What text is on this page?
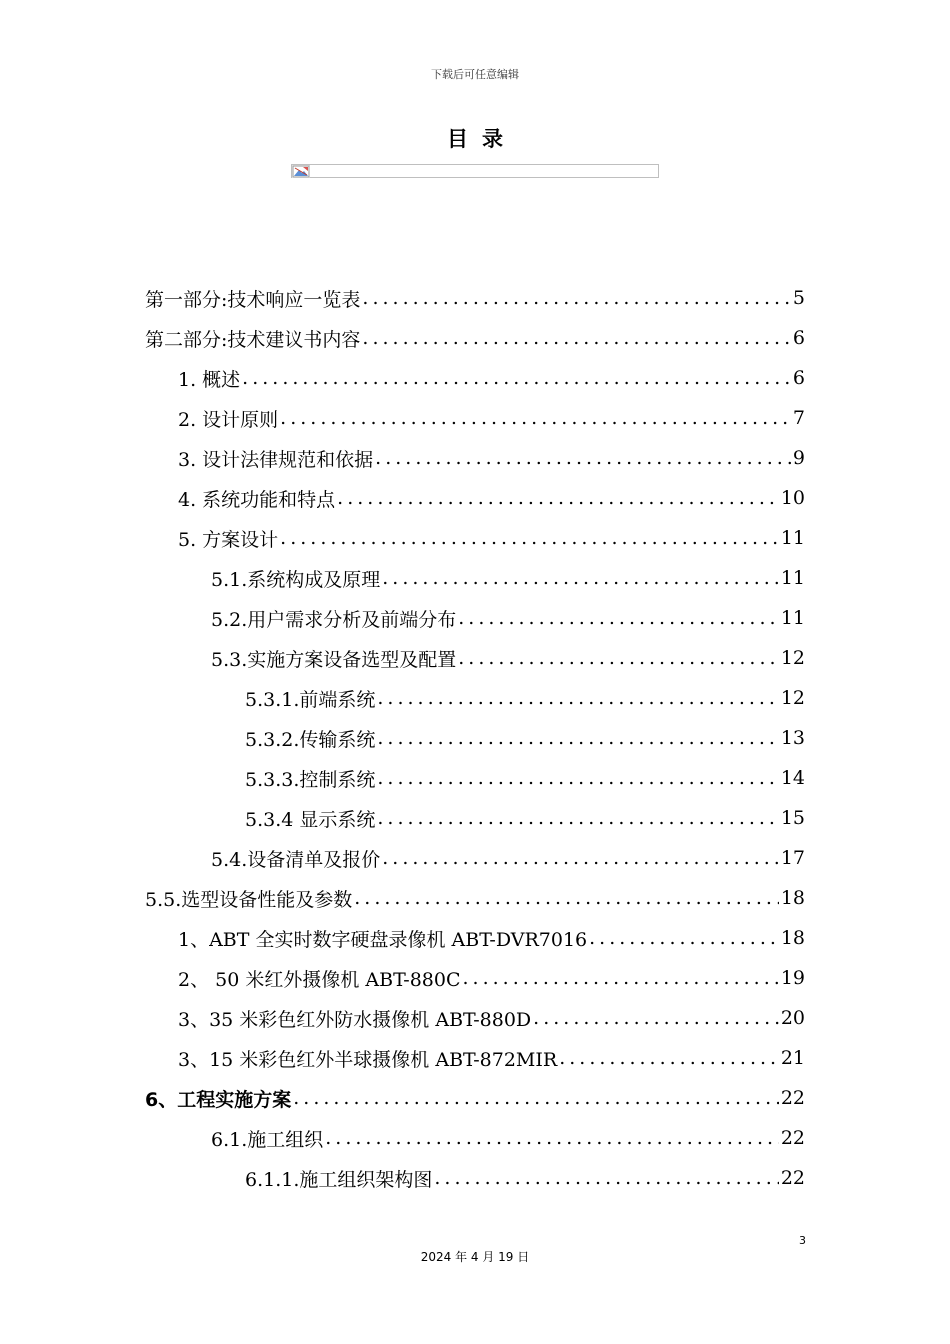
下载后可任意编辑
目录
第一部分:技术响应一览表 .....	5
第二部分:技术建议书内容 .....	6
1. 概述 .....	6
2. 设计原则 .....	7
3. 设计法律规范和依据 .....	9
4. 系统功能和特点 .....	10
5. 方案设计 .....	11
5.1.系统构成及原理 .....	11
5.2.用户需求分析及前端分布 .....	11
5.3.实施方案设备选型及配置 .....	12
5.3.1.前端系统 .....	12
5.3.2.传输系统 .....	13
5.3.3.控制系统 .....	14
5.3.4 显示系统 .....	15
5.4.设备清单及报价 .....	17
5.5.选型设备性能及参数 .....	18
1、ABT 全实时数字硬盘录像机 ABT-DVR7016 .....	18
2、 50 米红外摄像机 ABT-880C .....	19
3、35 米彩色红外防水摄像机 ABT-880D .....	20
3、15 米彩色红外半球摄像机 ABT-872MIR .....	21
6、工程实施方案 .....	22
6.1.施工组织 .....	22
6.1.1.施工组织架构图 .....	22
3
2024 年 4 月 19 日
